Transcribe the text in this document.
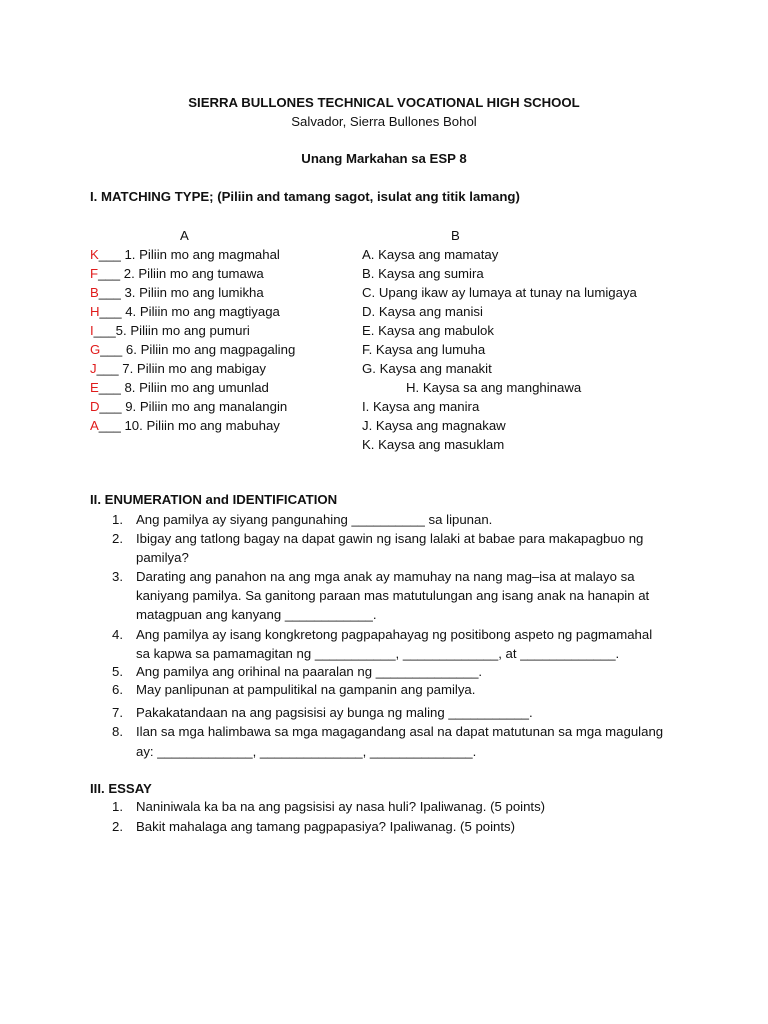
SIERRA BULLONES TECHNICAL VOCATIONAL HIGH SCHOOL
Salvador, Sierra Bullones Bohol
Unang Markahan sa ESP 8
I. MATCHING TYPE; (Piliin and tamang sagot, isulat ang titik lamang)
A	B
K___ 1. Piliin mo ang magmahal
F___ 2. Piliin mo ang tumawa
B___ 3. Piliin mo ang lumikha
H___ 4. Piliin mo ang magtiyaga
I___5. Piliin mo ang pumuri
G___ 6. Piliin mo ang magpagaling
J___ 7. Piliin mo ang mabigay
E___ 8. Piliin mo ang umunlad
D___ 9. Piliin mo ang manalangin
A___ 10. Piliin mo ang mabuhay
A. Kaysa ang mamatay
B. Kaysa ang sumira
C. Upang ikaw ay lumaya at tunay na lumigaya
D. Kaysa ang manisi
E. Kaysa ang mabulok
F. Kaysa ang lumuha
G. Kaysa ang manakit
H. Kaysa sa ang manghinawa
I. Kaysa ang manira
J. Kaysa ang magnakaw
K. Kaysa ang masuklam
II. ENUMERATION and IDENTIFICATION
1. Ang pamilya ay siyang pangunahing __________ sa lipunan.
2. Ibigay ang tatlong bagay na dapat gawin ng isang lalaki at babae para makapagbuo ng
pamilya?
3. Darating ang panahon na ang mga anak ay mamuhay na nang mag–isa at malayo sa
kaniyang pamilya. Sa ganitong paraan mas matutulungan ang isang anak na hanapin at
matagpuan ang kanyang ____________.
4. Ang pamilya ay isang kongkretong pagpapahayag ng positibong aspeto ng pagmamahal
sa kapwa sa pamamagitan ng ___________, _____________, at _____________.
5. Ang pamilya ang orihinal na paaralan ng ______________.
6. May panlipunan at pampulitikal na gampanin ang pamilya.
7. Pakakatandaan na ang pagsisisi ay bunga ng maling ___________.
8. Ilan sa mga halimbawa sa mga magagandang asal na dapat matutunan sa mga magulang
ay: _____________, ______________, ______________.
III. ESSAY
1. Naniniwala ka ba na ang pagsisisi ay nasa huli? Ipaliwanag. (5 points)
2. Bakit mahalaga ang tamang pagpapasiya? Ipaliwanag. (5 points)
